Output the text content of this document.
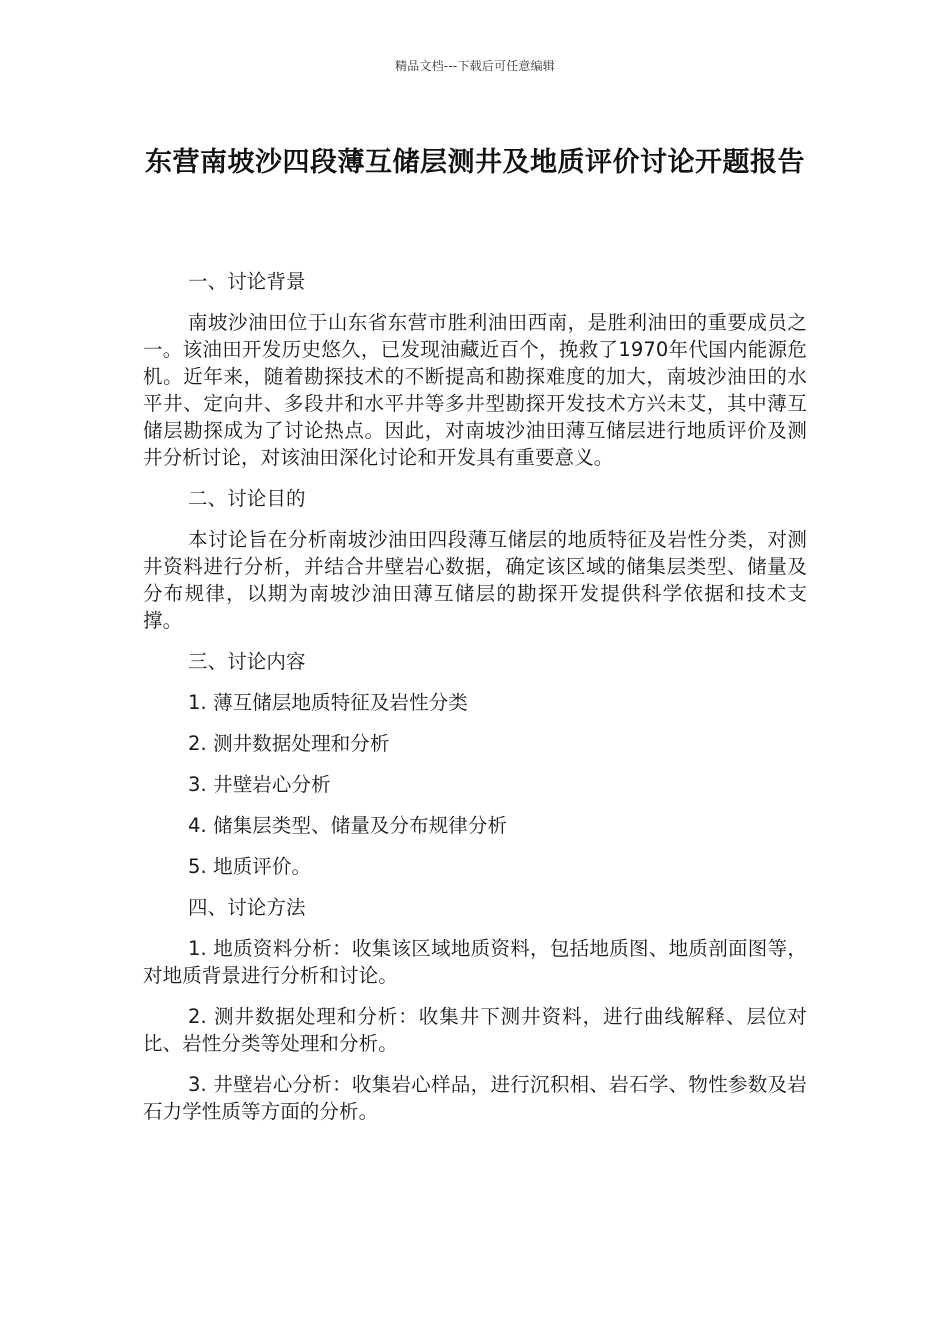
精品文档---下载后可任意编辑
东营南坡沙四段薄互储层测井及地质评价讨论开题报告

一、讨论背景

南坡沙油田位于山东省东营市胜利油田西南，是胜利油田的重要成员之一。该油田开发历史悠久，已发现油藏近百个，挽救了1970年代国内能源危机。近年来，随着勘探技术的不断提高和勘探难度的加大，南坡沙油田的水平井、定向井、多段井和水平井等多井型勘探开发技术方兴未艾，其中薄互储层勘探成为了讨论热点。因此，对南坡沙油田薄互储层进行地质评价及测井分析讨论，对该油田深化讨论和开发具有重要意义。

二、讨论目的

本讨论旨在分析南坡沙油田四段薄互储层的地质特征及岩性分类，对测井资料进行分析，并结合井壁岩心数据，确定该区域的储集层类型、储量及分布规律，以期为南坡沙油田薄互储层的勘探开发提供科学依据和技术支撑。

三、讨论内容

1. 薄互储层地质特征及岩性分类

2. 测井数据处理和分析

3. 井壁岩心分析

4. 储集层类型、储量及分布规律分析

5. 地质评价。

四、讨论方法

1. 地质资料分析：收集该区域地质资料，包括地质图、地质剖面图等，对地质背景进行分析和讨论。

2. 测井数据处理和分析：收集井下测井资料，进行曲线解释、层位对比、岩性分类等处理和分析。

3. 井壁岩心分析：收集岩心样品，进行沉积相、岩石学、物性参数及岩石力学性质等方面的分析。
